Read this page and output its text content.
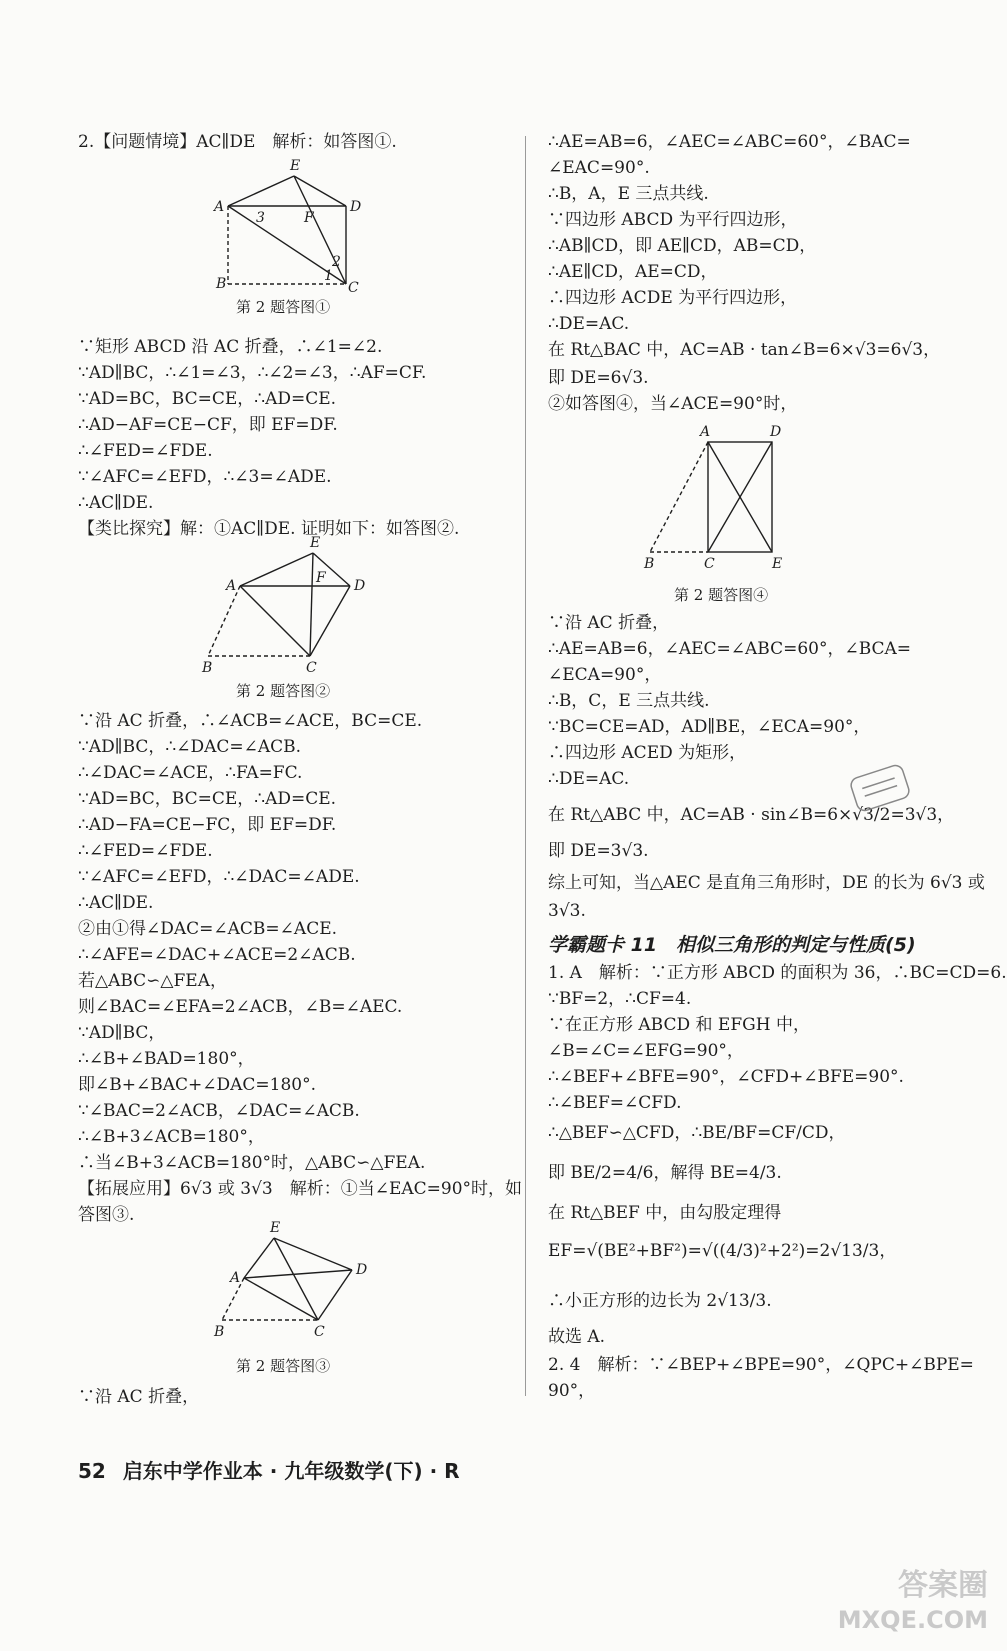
2.【问题情境】AC∥DE　解析：如答图①.
E
A	D
F
B	C
3
2
1
第 2 题答图①
∵矩形 ABCD 沿 AC 折叠，∴∠1=∠2.
∵AD∥BC，∴∠1=∠3，∴∠2=∠3，∴AF=CF.
∵AD=BC，BC=CE，∴AD=CE.
∴AD−AF=CE−CF，即 EF=DF.
∴∠FED=∠FDE.
∵∠AFC=∠EFD，∴∠3=∠ADE.
∴AC∥DE.
【类比探究】解：①AC∥DE. 证明如下：如答图②.
E
A	D
F
B	C
第 2 题答图②
∵沿 AC 折叠，∴∠ACB=∠ACE，BC=CE.
∵AD∥BC，∴∠DAC=∠ACB.
∴∠DAC=∠ACE，∴FA=FC.
∵AD=BC，BC=CE，∴AD=CE.
∴AD−FA=CE−FC，即 EF=DF.
∴∠FED=∠FDE.
∵∠AFC=∠EFD，∴∠DAC=∠ADE.
∴AC∥DE.
②由①得∠DAC=∠ACB=∠ACE.
∴∠AFE=∠DAC+∠ACE=2∠ACB.
若△ABC∽△FEA，
则∠BAC=∠EFA=2∠ACB，∠B=∠AEC.
∵AD∥BC，
∴∠B+∠BAD=180°，
即∠B+∠BAC+∠DAC=180°.
∵∠BAC=2∠ACB，∠DAC=∠ACB.
∴∠B+3∠ACB=180°，
∴当∠B+3∠ACB=180°时，△ABC∽△FEA.
【拓展应用】6√3 或 3√3　解析：①当∠EAC=90°时，如
答图③.
E
A	D
B	C
第 2 题答图③
∵沿 AC 折叠，
∴AE=AB=6，∠AEC=∠ABC=60°，∠BAC=
∠EAC=90°.
∴B，A，E 三点共线.
∵四边形 ABCD 为平行四边形，
∴AB∥CD，即 AE∥CD，AB=CD，
∴AE∥CD，AE=CD，
∴四边形 ACDE 为平行四边形，
∴DE=AC.
在 Rt△BAC 中，AC=AB · tan∠B=6×√3=6√3，
即 DE=6√3.
②如答图④，当∠ACE=90°时，
A	D
B	C	E
第 2 题答图④
∵沿 AC 折叠，
∴AE=AB=6，∠AEC=∠ABC=60°，∠BCA=
∠ECA=90°，
∴B，C，E 三点共线.
∵BC=CE=AD，AD∥BE，∠ECA=90°，
∴四边形 ACED 为矩形，
∴DE=AC.
在 Rt△ABC 中，AC=AB · sin∠B=6×√3/2=3√3，
即 DE=3√3.
综上可知，当△AEC 是直角三角形时，DE 的长为 6√3 或
3√3.
学霸题卡 11　相似三角形的判定与性质(5)
1. A　解析：∵正方形 ABCD 的面积为 36，∴BC=CD=6.
∵BF=2，∴CF=4.
∵在正方形 ABCD 和 EFGH 中，
∠B=∠C=∠EFG=90°，
∴∠BEF+∠BFE=90°，∠CFD+∠BFE=90°.
∴∠BEF=∠CFD.
∴△BEF∽△CFD，∴BE/BF=CF/CD，
即 BE/2=4/6，解得 BE=4/3.
在 Rt△BEF 中，由勾股定理得
EF=√(BE²+BF²)=√((4/3)²+2²)=2√13/3，
∴小正方形的边长为 2√13/3.
故选 A.
2. 4　解析：∵∠BEP+∠BPE=90°，∠QPC+∠BPE=
90°，
52 启东中学作业本 · 九年级数学(下) · R
答案圈
MXQE.COM
